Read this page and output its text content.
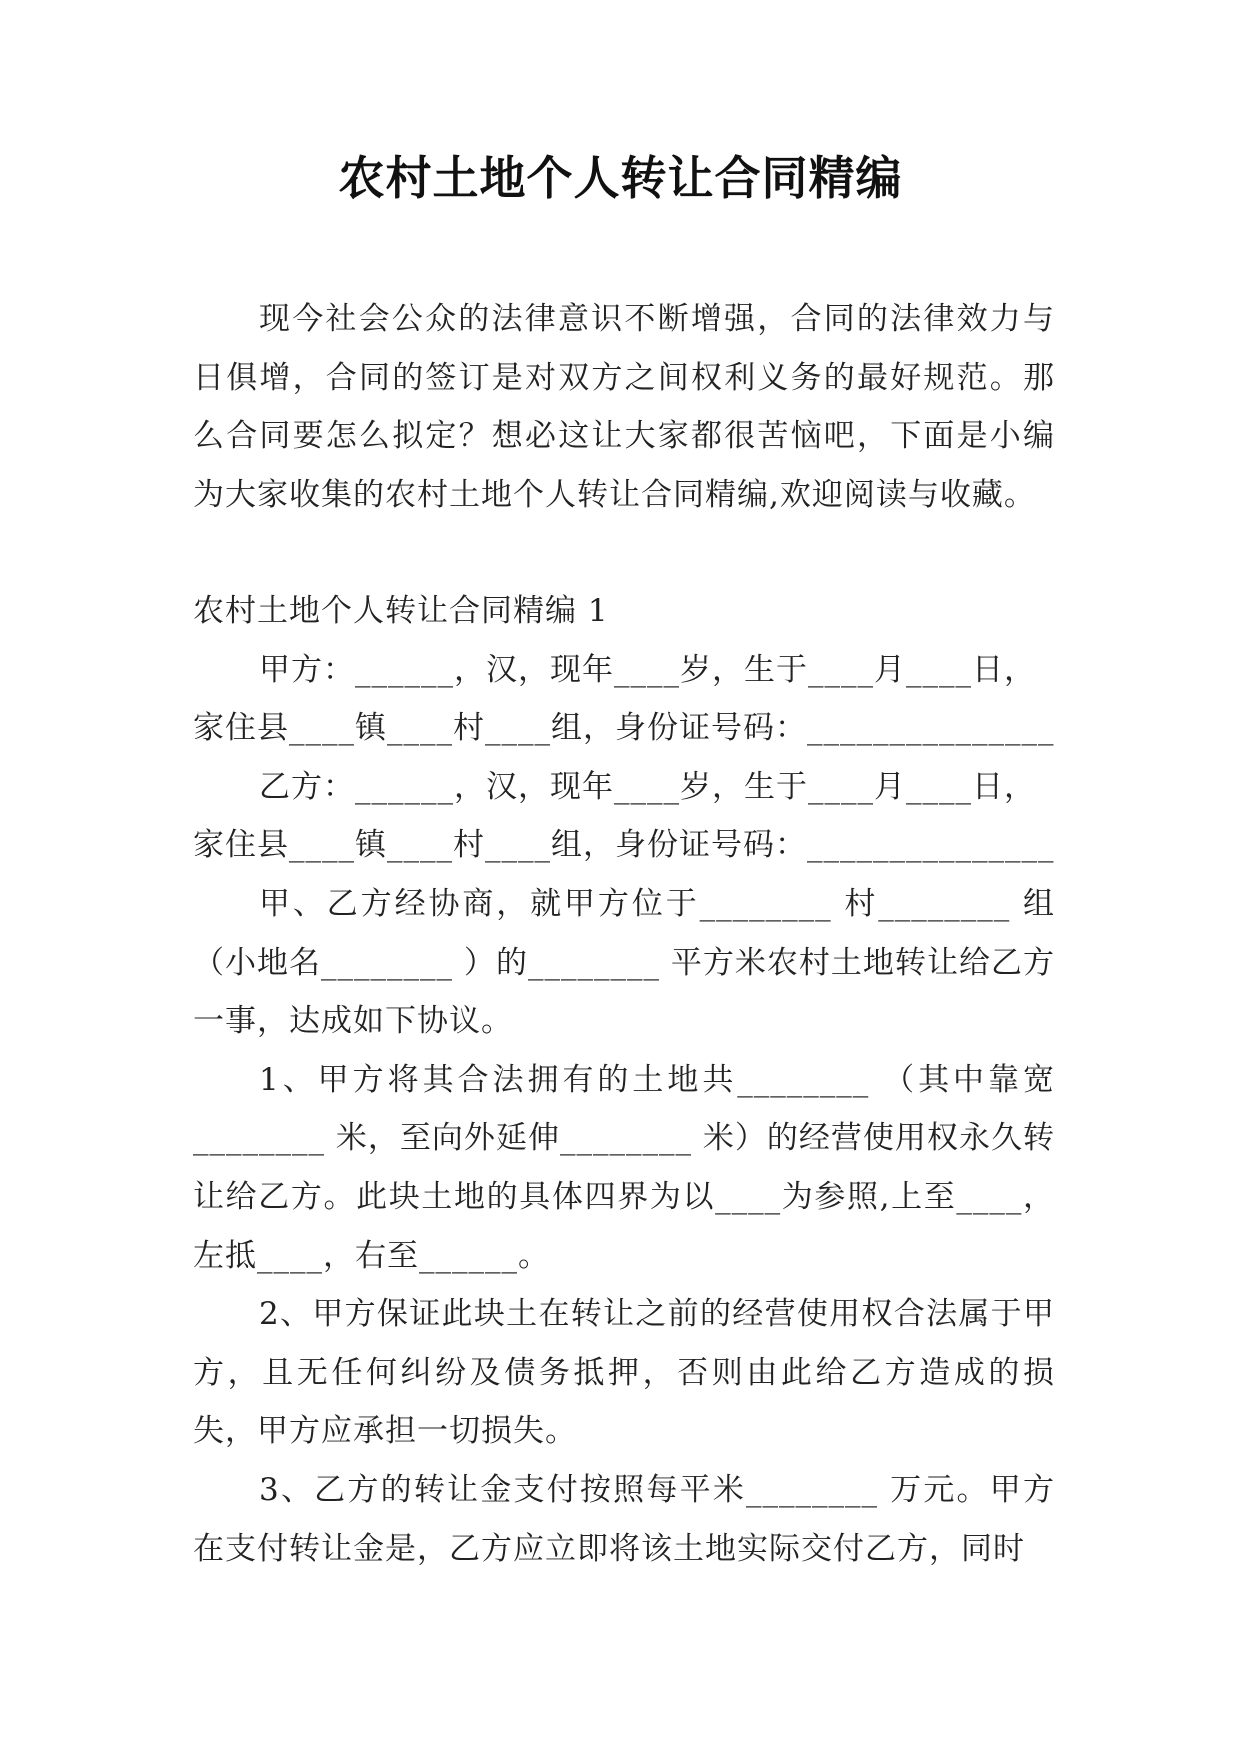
农村土地个人转让合同精编

现今社会公众的法律意识不断增强，合同的法律效力与日俱增，合同的签订是对双方之间权利义务的最好规范。那么合同要怎么拟定？想必这让大家都很苦恼吧，下面是小编为大家收集的农村土地个人转让合同精编,欢迎阅读与收藏。

农村土地个人转让合同精编 1

甲方：______，汉，现年____岁，生于____月____日，

家住县____镇____村____组，身份证号码：_______________

乙方：______，汉，现年____岁，生于____月____日，

家住县____镇____村____组，身份证号码：_______________

甲、乙方经协商，就甲方位于________ 村________ 组（小地名________ ）的________ 平方米农村土地转让给乙方一事，达成如下协议。

1、甲方将其合法拥有的土地共________ （其中靠宽________ 米，至向外延伸________ 米）的经营使用权永久转让给乙方。此块土地的具体四界为以____为参照,上至____，左抵____，右至______。

2、甲方保证此块土在转让之前的经营使用权合法属于甲方，且无任何纠纷及债务抵押，否则由此给乙方造成的损失，甲方应承担一切损失。

3、乙方的转让金支付按照每平米________ 万元。甲方在支付转让金是，乙方应立即将该土地实际交付乙方，同时
